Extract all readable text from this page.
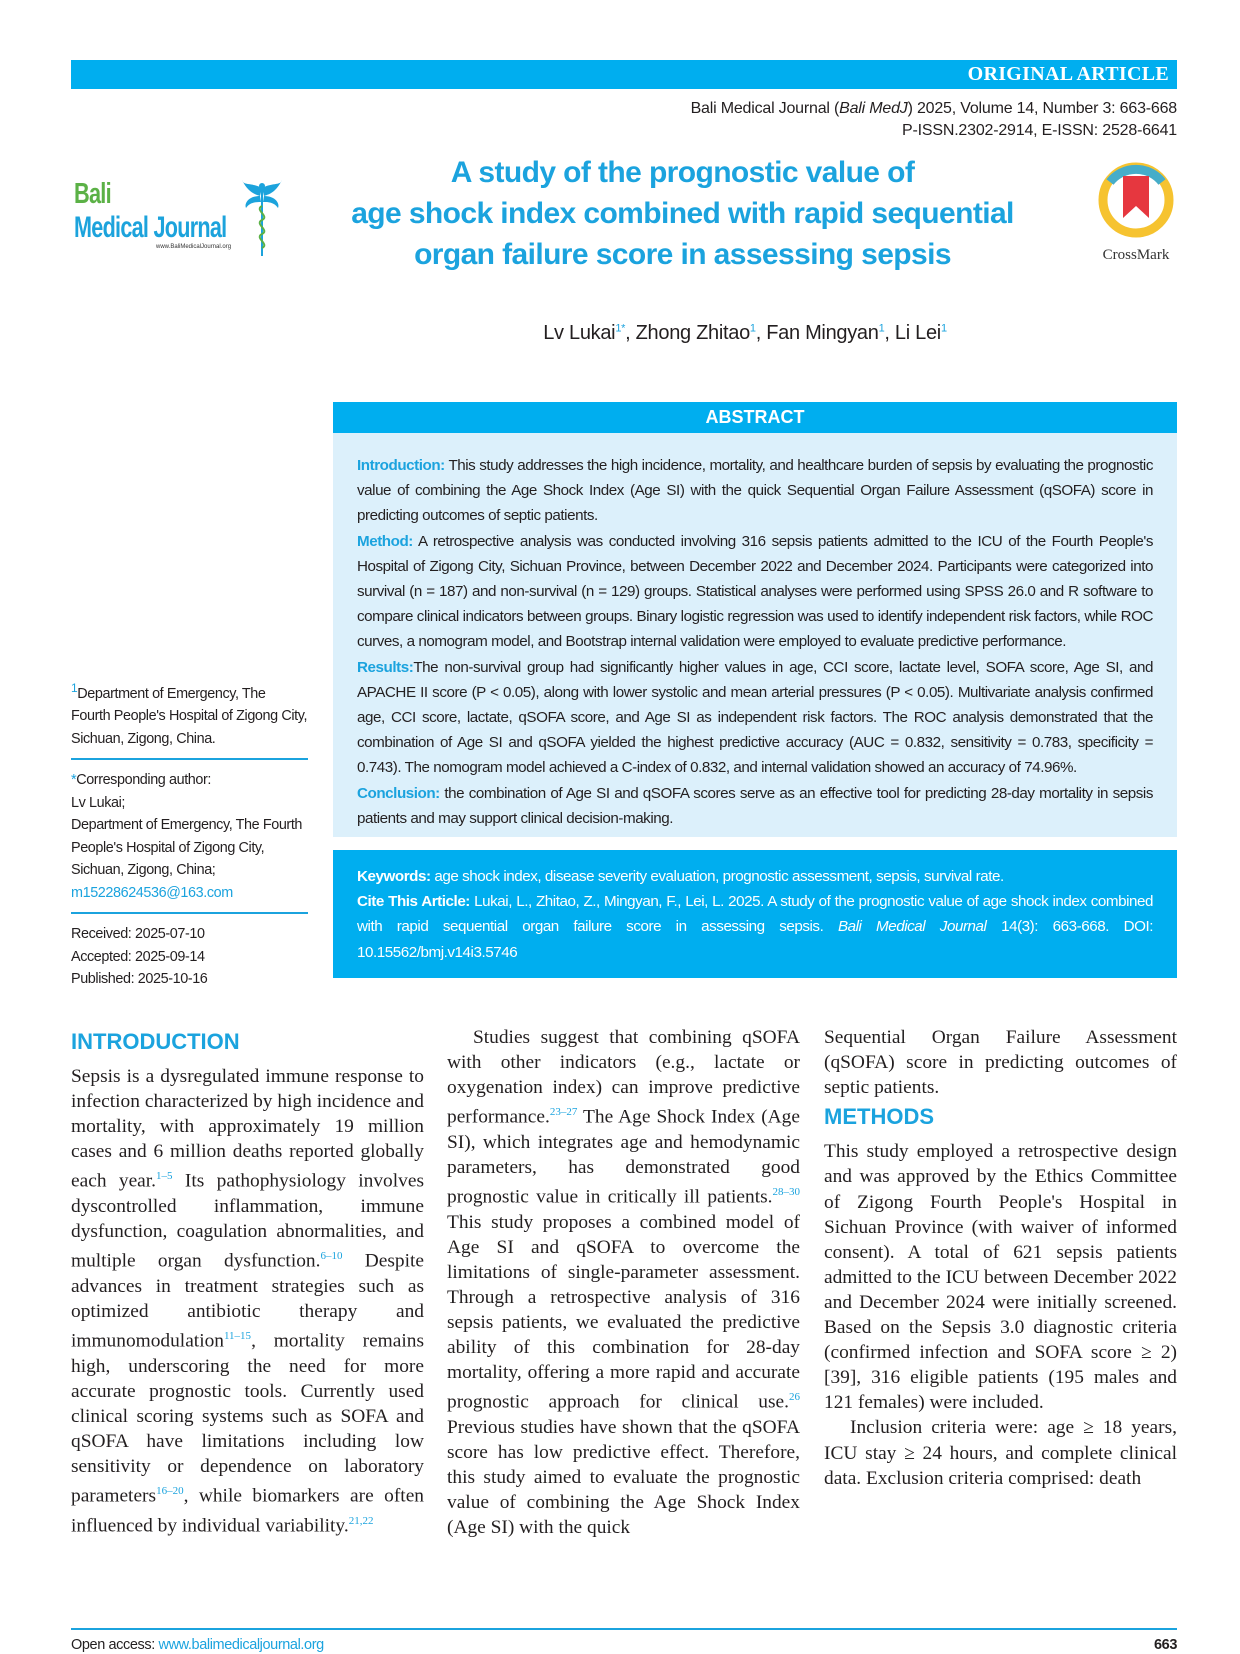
ORIGINAL ARTICLE
Bali Medical Journal (Bali MedJ) 2025, Volume 14, Number 3: 663-668
P-ISSN.2302-2914, E-ISSN: 2528-6641
Bali
Medical Journal
www.BaliMedicalJournal.org
A study of the prognostic value of
age shock index combined with rapid sequential
organ failure score in assessing sepsis	CrossMark
Lv Lukai$^{1*}$, Zhong Zhitao$^1$, Fan Mingyan$^1$, Li Lei$^1$
ABSTRACT
Introduction: This study addresses the high incidence, mortality, and healthcare burden of sepsis by evaluating the prognostic value of combining the Age Shock Index (Age SI) with the quick Sequential Organ Failure Assessment (qSOFA) score in predicting outcomes of septic patients.
Method: A retrospective analysis was conducted involving 316 sepsis patients admitted to the ICU of the Fourth People's Hospital of Zigong City, Sichuan Province, between December 2022 and December 2024. Participants were categorized into survival (n = 187) and non-survival (n = 129) groups. Statistical analyses were performed using SPSS 26.0 and R software to compare clinical indicators between groups. Binary logistic regression was used to identify independent risk factors, while ROC curves, a nomogram model, and Bootstrap internal validation were employed to evaluate predictive performance.
Results:The non-survival group had significantly higher values in age, CCI score, lactate level, SOFA score, Age SI, and APACHE II score (P < 0.05), along with lower systolic and mean arterial pressures (P < 0.05). Multivariate analysis confirmed age, CCI score, lactate, qSOFA score, and Age SI as independent risk factors. The ROC analysis demonstrated that the combination of Age SI and qSOFA yielded the highest predictive accuracy (AUC = 0.832, sensitivity = 0.783, specificity = 0.743). The nomogram model achieved a C-index of 0.832, and internal validation showed an accuracy of 74.96%.
Conclusion: the combination of Age SI and qSOFA scores serve as an effective tool for predicting 28-day mortality in sepsis patients and may support clinical decision-making.
Keywords: age shock index, disease severity evaluation, prognostic assessment, sepsis, survival rate.
Cite This Article: Lukai, L., Zhitao, Z., Mingyan, F., Lei, L. 2025. A study of the prognostic value of age shock index combined with rapid sequential organ failure score in assessing sepsis. Bali Medical Journal 14(3): 663-668. DOI: 10.15562/bmj.v14i3.5746
$^1$Department of Emergency, The Fourth People's Hospital of Zigong City, Sichuan, Zigong, China.
*Corresponding author:
Lv Lukai;
Department of Emergency, The Fourth People's Hospital of Zigong City, Sichuan, Zigong, China;
m15228624536@163.com
Received: 2025-07-10
Accepted: 2025-09-14
Published: 2025-10-16
INTRODUCTION

Sepsis is a dysregulated immune response to infection characterized by high incidence and mortality, with approximately 19 million cases and 6 million deaths reported globally each year.$^{1-5}$ Its pathophysiology involves dyscontrolled inflammation, immune dysfunction, coagulation abnormalities, and multiple organ dysfunction.$^{6-10}$ Despite advances in treatment strategies such as optimized antibiotic therapy and immunomodulation$^{11-15}$, mortality remains high, underscoring the need for more accurate prognostic tools. Currently used clinical scoring systems such as SOFA and qSOFA have limitations including low sensitivity or dependence on laboratory parameters$^{16-20}$, while biomarkers are often influenced by individual variability.$^{21,22}$

Studies suggest that combining qSOFA with other indicators (e.g., lactate or oxygenation index) can improve predictive performance.$^{23-27}$ The Age Shock Index (Age SI), which integrates age and hemodynamic parameters, has demonstrated good prognostic value in critically ill patients.$^{28-30}$ This study proposes a combined model of Age SI and qSOFA to overcome the limitations of single-parameter assessment. Through a retrospective analysis of 316 sepsis patients, we evaluated the predictive ability of this combination for 28-day mortality, offering a more rapid and accurate prognostic approach for clinical use.$^{26}$ Previous studies have shown that the qSOFA score has low predictive effect. Therefore, this study aimed to evaluate the prognostic value of combining the Age Shock Index (Age SI) with the quick

Sequential Organ Failure Assessment (qSOFA) score in predicting outcomes of septic patients.

METHODS

This study employed a retrospective design and was approved by the Ethics Committee of Zigong Fourth People's Hospital in Sichuan Province (with waiver of informed consent). A total of 621 sepsis patients admitted to the ICU between December 2022 and December 2024 were initially screened. Based on the Sepsis 3.0 diagnostic criteria (confirmed infection and SOFA score ≥ 2) [39], 316 eligible patients (195 males and 121 females) were included.

Inclusion criteria were: age ≥ 18 years, ICU stay ≥ 24 hours, and complete clinical data. Exclusion criteria comprised: death

Open access: www.balimedicaljournal.org	663
